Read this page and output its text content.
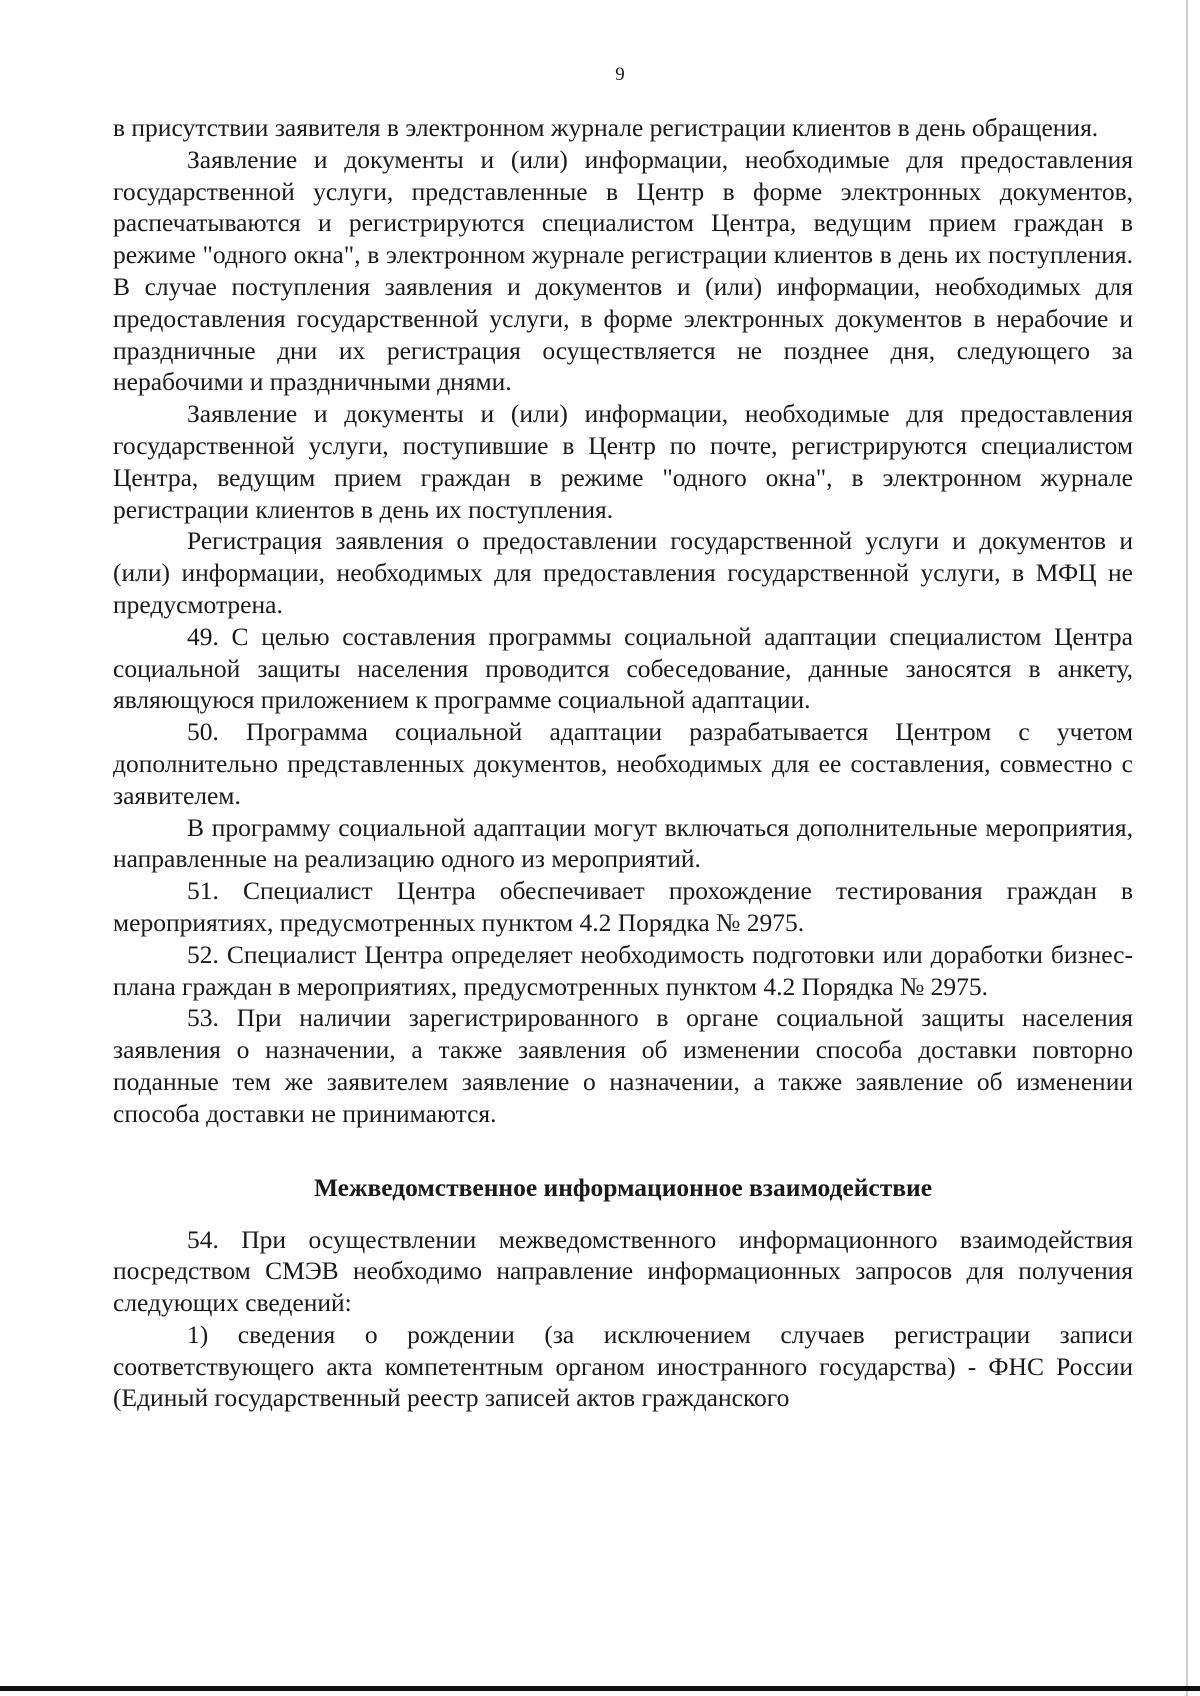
9

в присутствии заявителя в электронном журнале регистрации клиентов в день обращения.

Заявление и документы и (или) информации, необходимые для предоставления государственной услуги, представленные в Центр в форме электронных документов, распечатываются и регистрируются специалистом Центра, ведущим прием граждан в режиме "одного окна", в электронном журнале регистрации клиентов в день их поступления. В случае поступления заявления и документов и (или) информации, необходимых для предоставления государственной услуги, в форме электронных документов в нерабочие и праздничные дни их регистрация осуществляется не позднее дня, следующего за нерабочими и праздничными днями.

Заявление и документы и (или) информации, необходимые для предоставления государственной услуги, поступившие в Центр по почте, регистрируются специалистом Центра, ведущим прием граждан в режиме "одного окна", в электронном журнале регистрации клиентов в день их поступления.

Регистрация заявления о предоставлении государственной услуги и документов и (или) информации, необходимых для предоставления государственной услуги, в МФЦ не предусмотрена.

49. С целью составления программы социальной адаптации специалистом Центра социальной защиты населения проводится собеседование, данные заносятся в анкету, являющуюся приложением к программе социальной адаптации.

50. Программа социальной адаптации разрабатывается Центром с учетом дополнительно представленных документов, необходимых для ее составления, совместно с заявителем.

В программу социальной адаптации могут включаться дополнительные мероприятия, направленные на реализацию одного из мероприятий.

51. Специалист Центра обеспечивает прохождение тестирования граждан в мероприятиях, предусмотренных пунктом 4.2 Порядка № 2975.

52. Специалист Центра определяет необходимость подготовки или доработки бизнес-плана граждан в мероприятиях, предусмотренных пунктом 4.2 Порядка № 2975.

53. При наличии зарегистрированного в органе социальной защиты населения заявления о назначении, а также заявления об изменении способа доставки повторно поданные тем же заявителем заявление о назначении, а также заявление об изменении способа доставки не принимаются.

Межведомственное информационное взаимодействие

54. При осуществлении межведомственного информационного взаимодействия посредством СМЭВ необходимо направление информационных запросов для получения следующих сведений:

1) сведения о рождении (за исключением случаев регистрации записи соответствующего акта компетентным органом иностранного государства) - ФНС России (Единый государственный реестр записей актов гражданского
